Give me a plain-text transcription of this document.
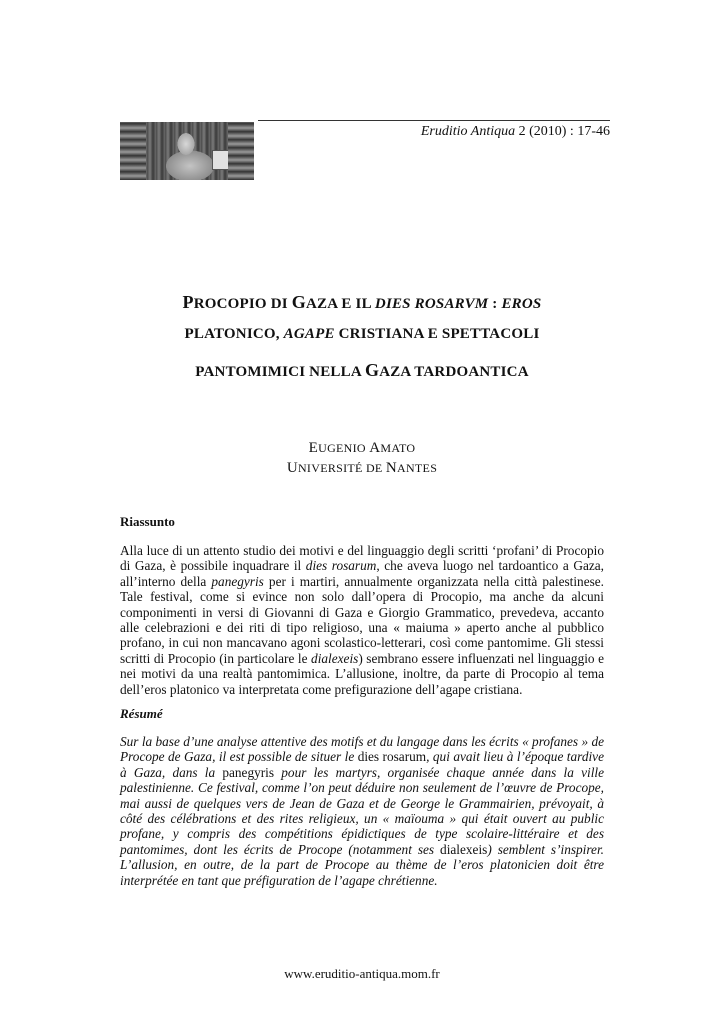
Eruditio Antiqua 2 (2010) : 17-46
PROCOPIO DI GAZA E IL DIES ROSARVM : EROS
PLATONICO, AGAPE CRISTIANA E SPETTACOLI
PANTOMIMICI NELLA GAZA TARDOANTICA
EUGENIO AMATO
UNIVERSITÉ DE NANTES
Riassunto

Alla luce di un attento studio dei motivi e del linguaggio degli scritti ‘profani’ di Procopio di Gaza, è possibile inquadrare il dies rosarum, che aveva luogo nel tardoantico a Gaza, all’interno della panegyris per i martiri, annualmente organizzata nella città palestinese. Tale festival, come si evince non solo dall’opera di Procopio, ma anche da alcuni componimenti in versi di Giovanni di Gaza e Giorgio Grammatico, prevedeva, accanto alle celebrazioni e dei riti di tipo religioso, una « maiuma » aperto anche al pubblico profano, in cui non mancavano agoni scolastico-letterari, così come pantomime. Gli stessi scritti di Procopio (in particolare le dialexeis) sembrano essere influenzati nel linguaggio e nei motivi da una realtà pantomimica. L’allusione, inoltre, da parte di Procopio al tema dell’eros platonico va interpretata come prefigurazione dell’agape cristiana.

Résumé

Sur la base d’une analyse attentive des motifs et du langage dans les écrits « profanes » de Procope de Gaza, il est possible de situer le dies rosarum, qui avait lieu à l’époque tardive à Gaza, dans la panegyris pour les martyrs, organisée chaque année dans la ville palestinienne. Ce festival, comme l’on peut déduire non seulement de l’œuvre de Procope, mai aussi de quelques vers de Jean de Gaza et de George le Grammairien, prévoyait, à côté des célébrations et des rites religieux, un « maïouma » qui était ouvert au public profane, y compris des compétitions épidictiques de type scolaire-littéraire et des pantomimes, dont les écrits de Procope (notamment ses dialexeis) semblent s’inspirer. L’allusion, en outre, de la part de Procope au thème de l’eros platonicien doit être interprétée en tant que préfiguration de l’agape chrétienne.

www.eruditio-antiqua.mom.fr
